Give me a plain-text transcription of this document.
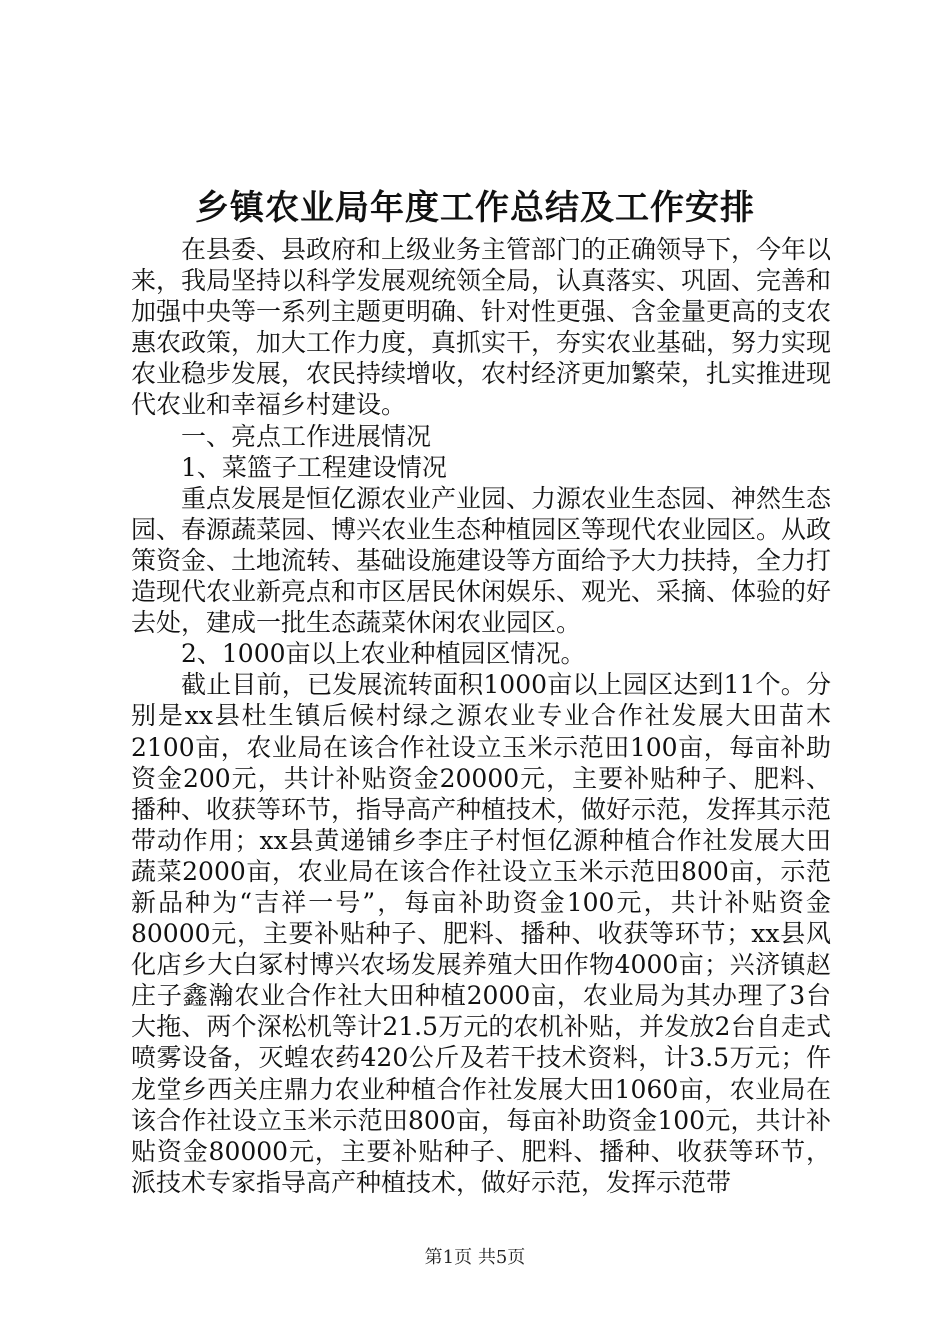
乡镇农业局年度工作总结及工作安排

在县委、县政府和上级业务主管部门的正确领导下，今年以来，我局坚持以科学发展观统领全局，认真落实、巩固、完善和加强中央等一系列主题更明确、针对性更强、含金量更高的支农惠农政策，加大工作力度，真抓实干，夯实农业基础，努力实现农业稳步发展，农民持续增收，农村经济更加繁荣，扎实推进现代农业和幸福乡村建设。

一、亮点工作进展情况

1、菜篮子工程建设情况

重点发展是恒亿源农业产业园、力源农业生态园、神然生态园、春源蔬菜园、博兴农业生态种植园区等现代农业园区。从政策资金、土地流转、基础设施建设等方面给予大力扶持，全力打造现代农业新亮点和市区居民休闲娱乐、观光、采摘、体验的好去处，建成一批生态蔬菜休闲农业园区。

2、1000亩以上农业种植园区情况。

截止目前，已发展流转面积1000亩以上园区达到11个。分别是xx县杜生镇后候村绿之源农业专业合作社发展大田苗木2100亩，农业局在该合作社设立玉米示范田100亩，每亩补助资金200元，共计补贴资金20000元，主要补贴种子、肥料、播种、收获等环节，指导高产种植技术，做好示范，发挥其示范带动作用；xx县黄递铺乡李庄子村恒亿源种植合作社发展大田蔬菜2000亩，农业局在该合作社设立玉米示范田800亩，示范新品种为“吉祥一号”，每亩补助资金100元，共计补贴资金80000元，主要补贴种子、肥料、播种、收获等环节；xx县风化店乡大白冢村博兴农场发展养殖大田作物4000亩；兴济镇赵庄子鑫瀚农业合作社大田种植2000亩，农业局为其办理了3台大拖、两个深松机等计21.5万元的农机补贴，并发放2台自走式喷雾设备，灭蝗农药420公斤及若干技术资料，计3.5万元；仵龙堂乡西关庄鼎力农业种植合作社发展大田1060亩，农业局在该合作社设立玉米示范田800亩，每亩补助资金100元，共计补贴资金80000元，主要补贴种子、肥料、播种、收获等环节，派技术专家指导高产种植技术，做好示范，发挥示范带

第1页 共5页
